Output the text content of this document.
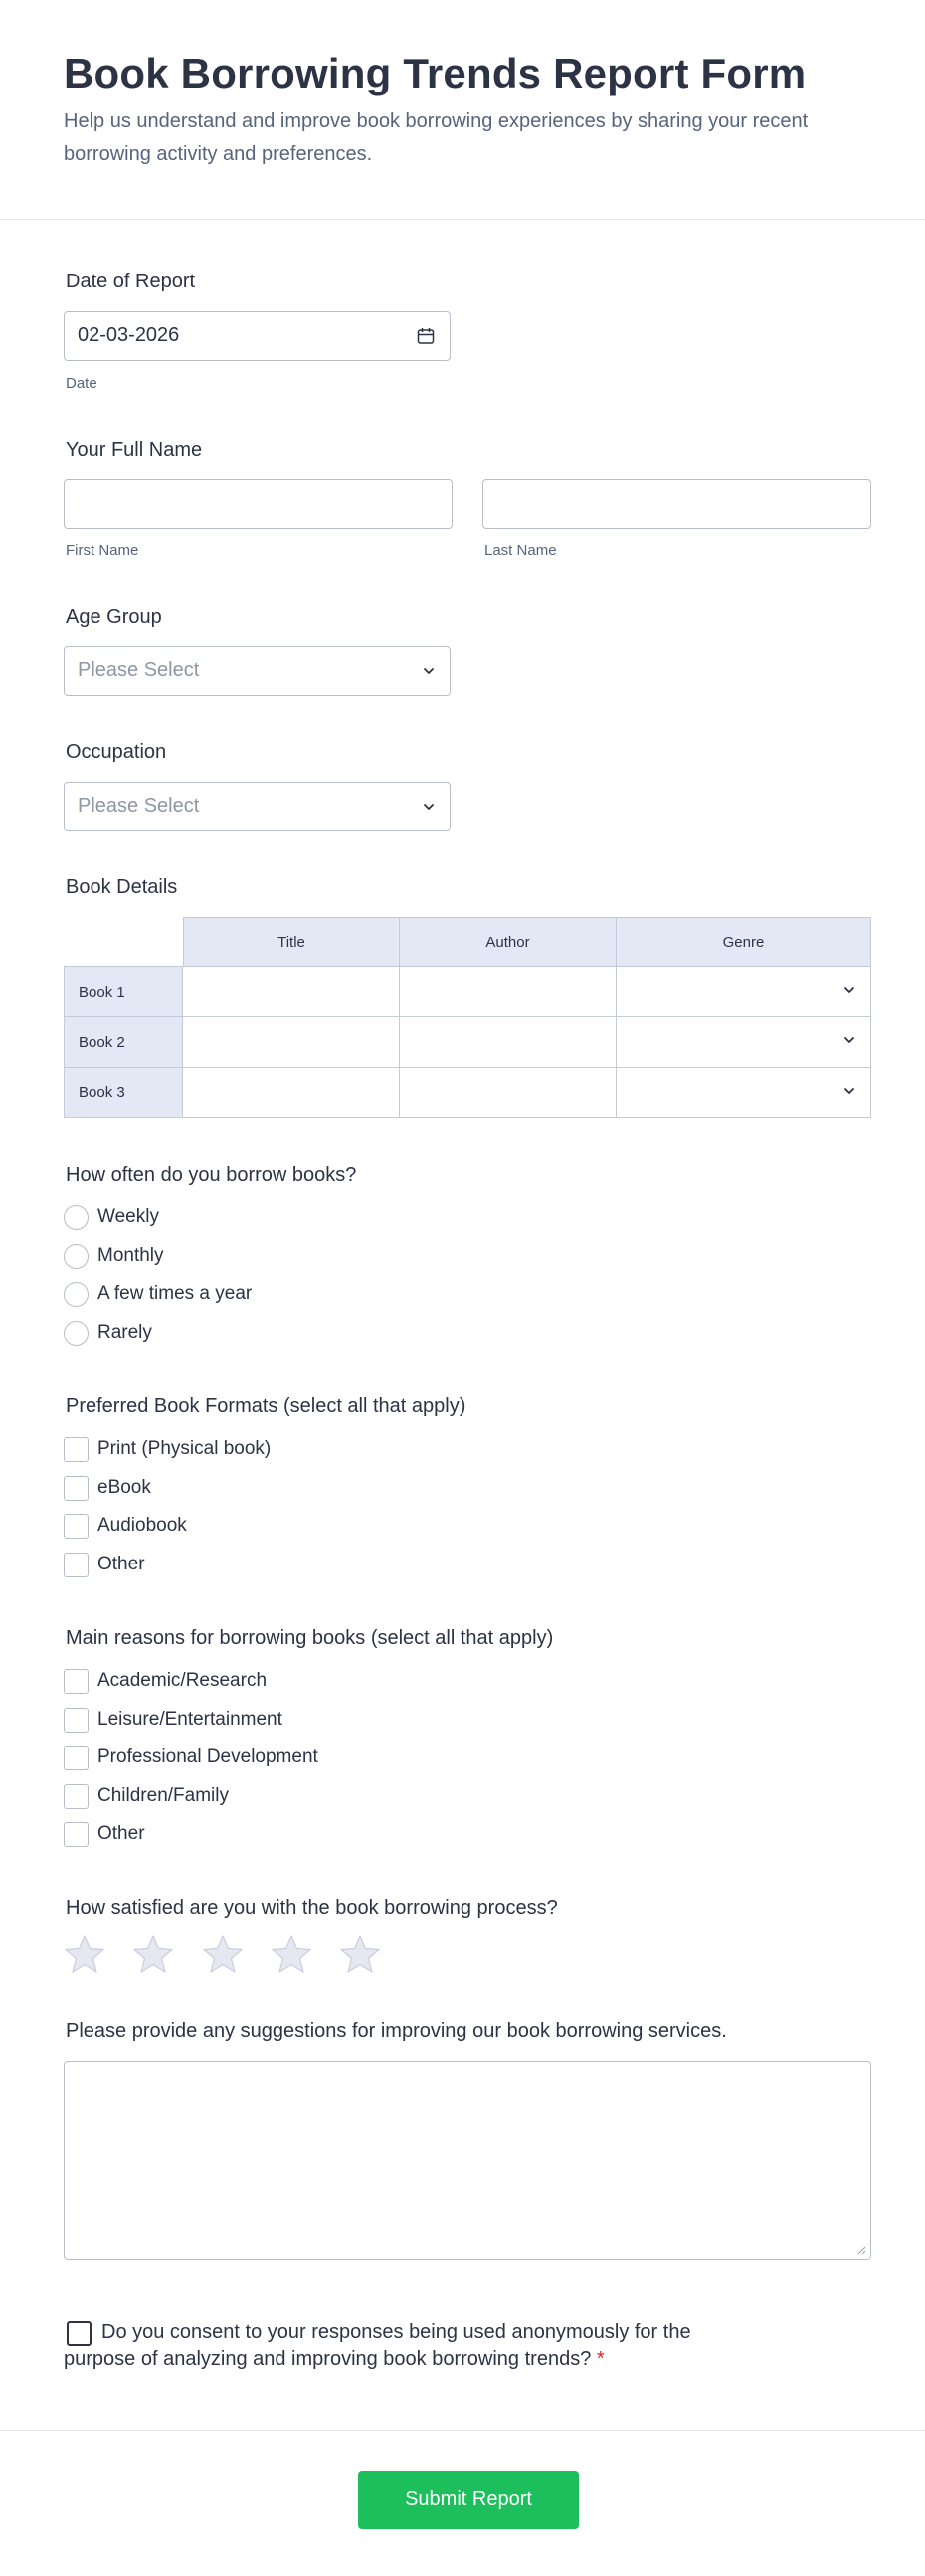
Book Borrowing Trends Report Form
Help us understand and improve book borrowing experiences by sharing your recent borrowing activity and preferences.
Date of Report
02-03-2026
Date
Your Full Name
First Name	Last Name
Age Group
Please Select
Occupation
Please Select
Book Details
Title	Author	Genre
Book 1
Book 2
Book 3
How often do you borrow books?
Weekly
Monthly
A few times a year
Rarely
Preferred Book Formats (select all that apply)
Print (Physical book)
eBook
Audiobook
Other
Main reasons for borrowing books (select all that apply)
Academic/Research
Leisure/Entertainment
Professional Development
Children/Family
Other
How satisfied are you with the book borrowing process?
Please provide any suggestions for improving our book borrowing services.
Do you consent to your responses being used anonymously for the
purpose of analyzing and improving book borrowing trends? *
Submit Report
